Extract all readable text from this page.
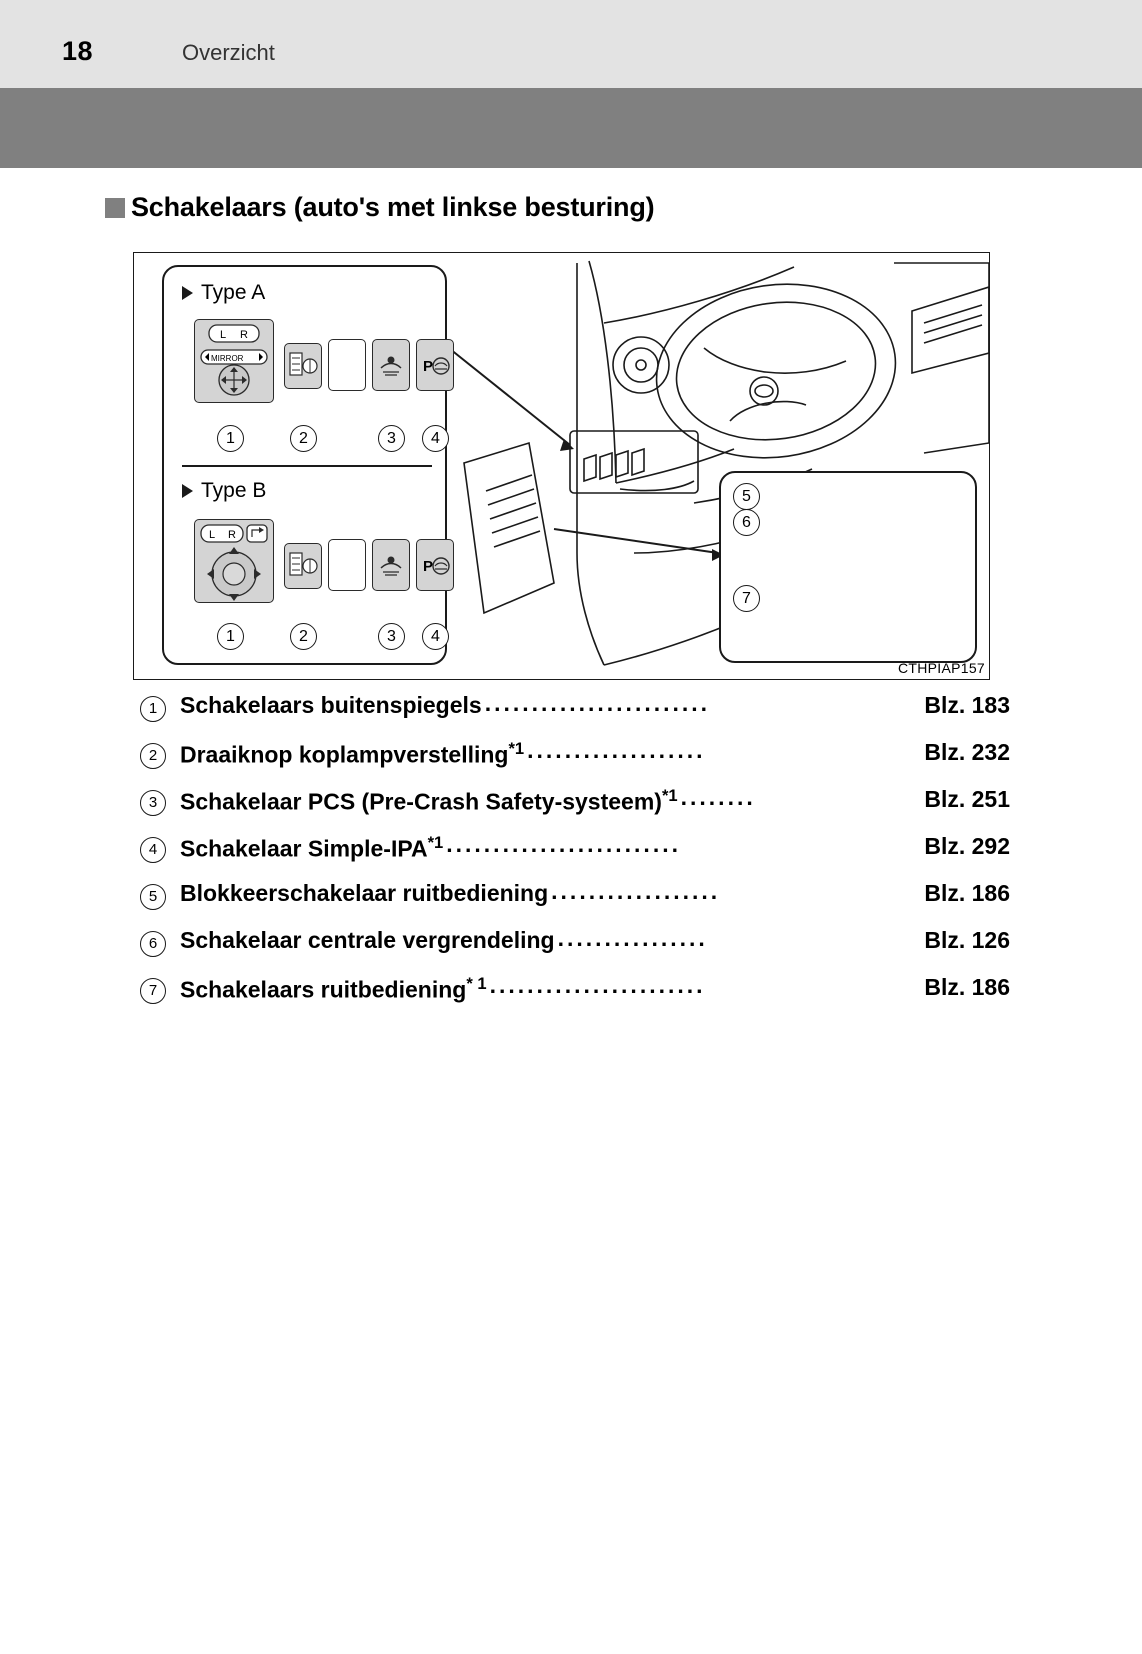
18	Overzicht
Schakelaars (auto's met linkse besturing)
Type A
L R
MIRROR	P
1	2	3	4
Type B
L R
P
1	2	3	4
5
6
7
CTHPIAP157
1 Schakelaars buitenspiegels ........................	Blz. 183
2 Draaiknop koplampverstelling$^{*1}$ ...................	Blz. 232
3 Schakelaar PCS (Pre-Crash Safety-systeem)$^{*1}$ ........	Blz. 251
4 Schakelaar Simple-IPA$^{*1}$ .........................	Blz. 292
5 Blokkeerschakelaar ruitbediening ..................	Blz. 186
6 Schakelaar centrale vergrendeling ................	Blz. 126
7 Schakelaars ruitbediening$^{* 1}$ .......................	Blz. 186
